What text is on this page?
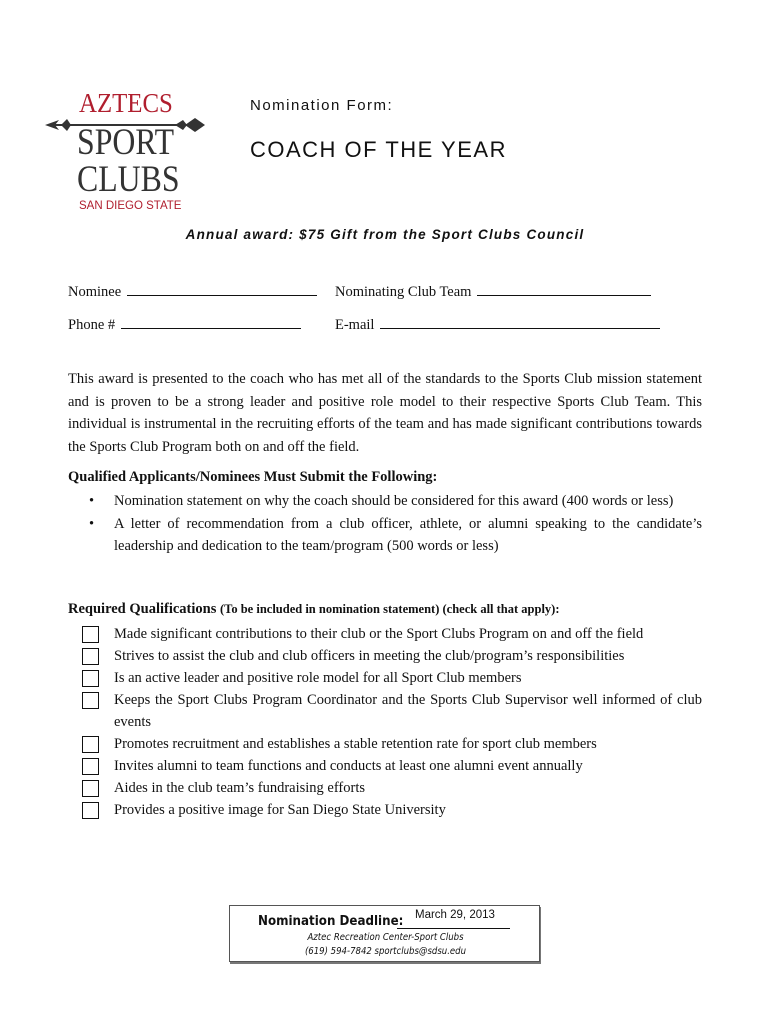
AZTECS
SPORT
CLUBS
SAN DIEGO STATE
Nomination Form:
COACH OF THE YEAR
Annual award: $75 Gift from the Sport Clubs Council
Nominee	Nominating Club Team
Phone #	E-mail
This award is presented to the coach who has met all of the standards to the Sports Club mission statement and is proven to be a strong leader and positive role model to their respective Sports Club Team. This individual is instrumental in the recruiting efforts of the team and has made significant contributions towards the Sports Club Program both on and off the field.
Qualified Applicants/Nominees Must Submit the Following:
• Nomination statement on why the coach should be considered for this award (400 words or less)
• A letter of recommendation from a club officer, athlete, or alumni speaking to the candidate’s leadership and dedication to the team/program (500 words or less)
Required Qualifications (To be included in nomination statement) (check all that apply):
Made significant contributions to their club or the Sport Clubs Program on and off the field
Strives to assist the club and club officers in meeting the club/program’s responsibilities
Is an active leader and positive role model for all Sport Club members
Keeps the Sport Clubs Program Coordinator and the Sports Club Supervisor well informed of club events
Promotes recruitment and establishes a stable retention rate for sport club members
Invites alumni to team functions and conducts at least one alumni event annually
Aides in the club team’s fundraising efforts
Provides a positive image for San Diego State University
Nomination Deadline: March 29, 2013
Aztec Recreation Center-Sport Clubs
(619) 594-7842 sportclubs@sdsu.edu
